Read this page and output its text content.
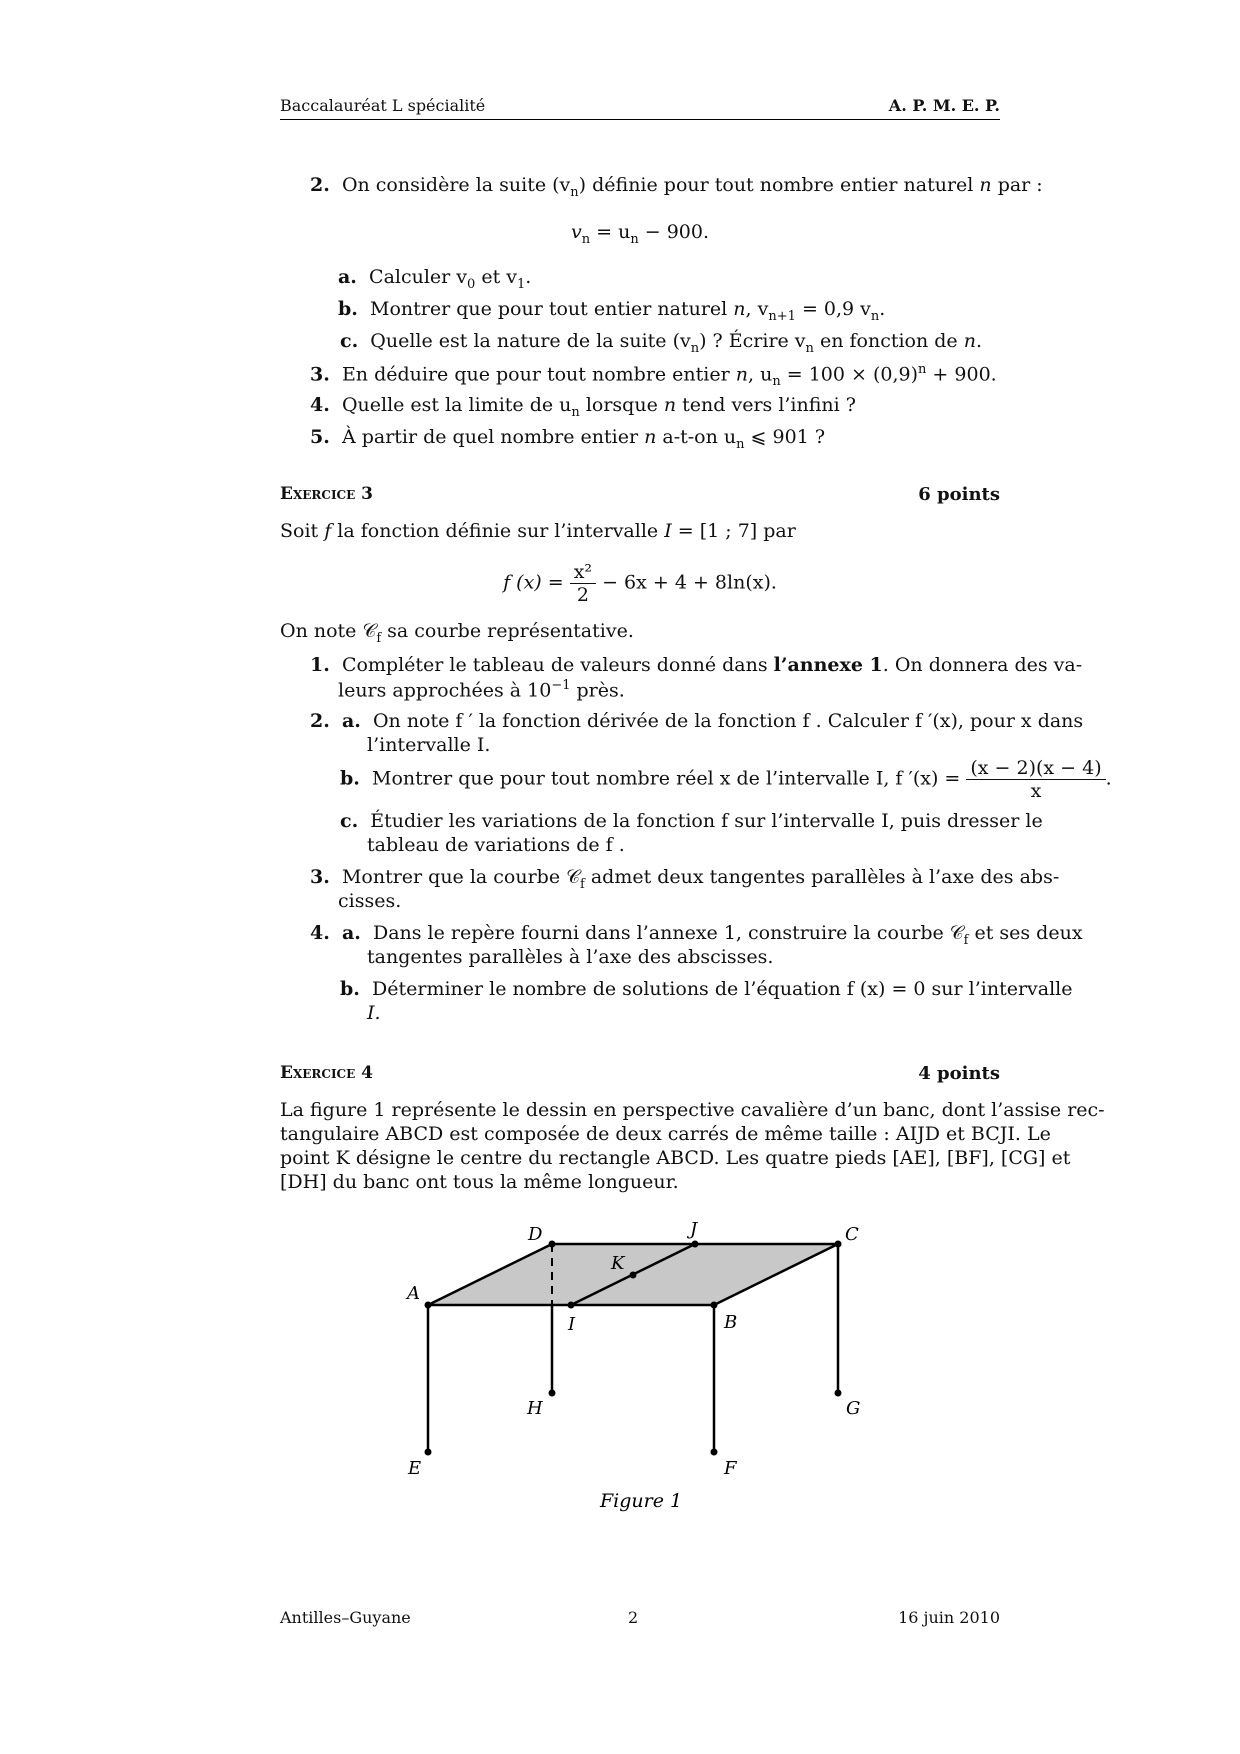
Baccalauréat L spécialité	A. P. M. E. P.
2. On considère la suite $(v_n)$ définie pour tout nombre entier naturel n par :
$v_n = u_n - 900$.
a. Calculer $v_0$ et $v_1$.
b. Montrer que pour tout entier naturel n, $v_{n+1} = 0,9$ $v_n$.
c. Quelle est la nature de la suite $(v_n)$ ? Écrire $v_n$ en fonction de n.
3. En déduire que pour tout nombre entier n, $u_n = 100 \times (0,9)^n + 900$.
4. Quelle est la limite de $u_n$ lorsque n tend vers l’infini ?
5. À partir de quel nombre entier n a-t-on $u_n$ ⩽ 901 ?
Exercice 3	6 points
Soit f la fonction définie sur l’intervalle I = [1 ; 7] par
f $(x) = \frac{\text{x²}}{2} - 6x + 4 + 8\ln(x)$.
On note 𝒞$_f$ sa courbe représentative.
1. Compléter le tableau de valeurs donné dans l’annexe 1. On donnera des va-
leurs approchées à $10^{-1}$ près.
2. a. On note f ′ la fonction dérivée de la fonction f . Calculer f ′(x), pour x dans
l’intervalle I.
b. Montrer que pour tout nombre réel x de l’intervalle I, f $'(x) = \frac{(x - 2)(x - 4)}{x}$ .
c. Étudier les variations de la fonction f sur l’intervalle I, puis dresser le
tableau de variations de f .
3. Montrer que la courbe 𝒞$_f$ admet deux tangentes parallèles à l’axe des abs-
cisses.
4. a. Dans le repère fourni dans l’annexe 1, construire la courbe 𝒞$_f$ et ses deux
tangentes parallèles à l’axe des abscisses.
b. Déterminer le nombre de solutions de l’équation f (x) = 0 sur l’intervalle
I.
Exercice 4	4 points
La figure 1 représente le dessin en perspective cavalière d’un banc, dont l’assise rec-
tangulaire ABCD est composée de deux carrés de même taille : AIJD et BCJI. Le
point K désigne le centre du rectangle ABCD. Les quatre pieds [AE], [BF], [CG] et
[DH] du banc ont tous la même longueur.
A
B
C
D
E	F
G
H
I
J
K
Figure 1
Antilles–Guyane	2	16 juin 2010
